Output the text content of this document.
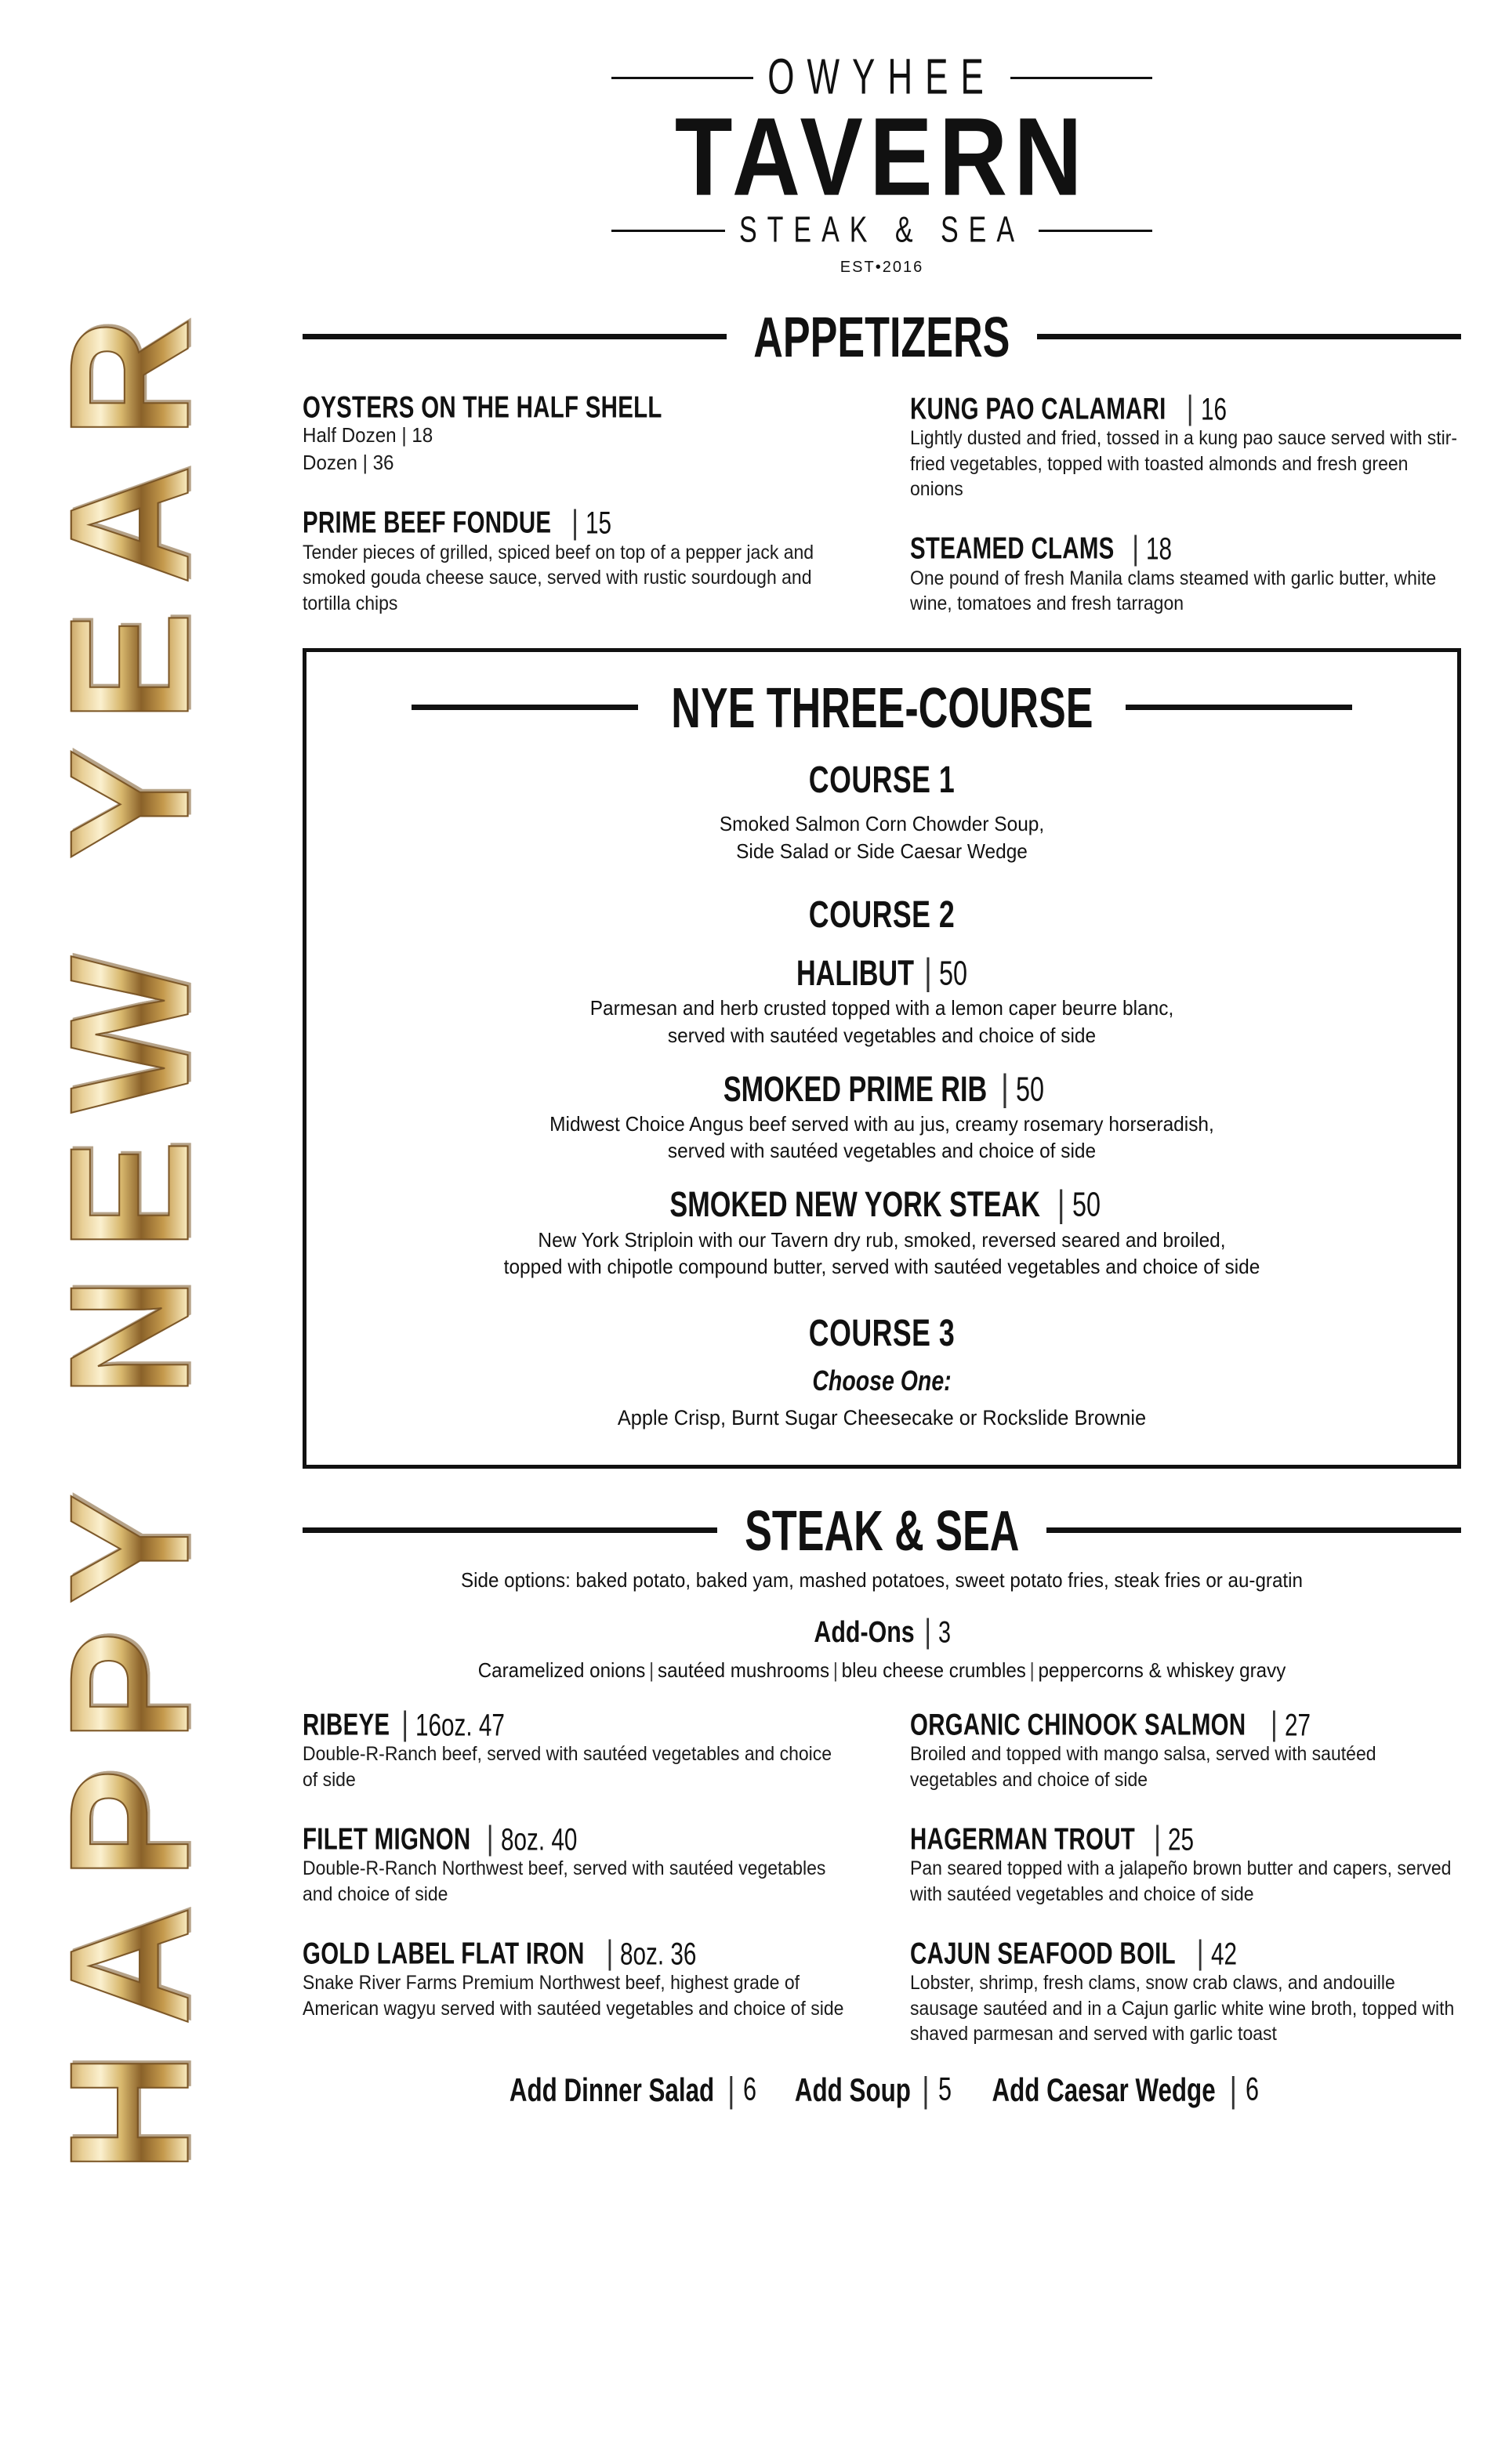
HAPPY NEW YEAR
OWYHEE
TAVERN
STEAK & SEA
EST•2016
APPETIZERS
OYSTERS ON THE HALF SHELL
Half Dozen | 18
Dozen | 36
PRIME BEEF FONDUE | 15
Tender pieces of grilled, spiced beef on top of a pepper jack and smoked gouda cheese sauce, served with rustic sourdough and tortilla chips
KUNG PAO CALAMARI | 16
Lightly dusted and fried, tossed in a kung pao sauce served with stir-fried vegetables, topped with toasted almonds and fresh green onions
STEAMED CLAMS | 18
One pound of fresh Manila clams steamed with garlic butter, white wine, tomatoes and fresh tarragon
NYE THREE-COURSE
COURSE 1
Smoked Salmon Corn Chowder Soup,
Side Salad or Side Caesar Wedge
COURSE 2
HALIBUT | 50
Parmesan and herb crusted topped with a lemon caper beurre blanc,
served with sautéed vegetables and choice of side
SMOKED PRIME RIB | 50
Midwest Choice Angus beef served with au jus, creamy rosemary horseradish,
served with sautéed vegetables and choice of side
SMOKED NEW YORK STEAK | 50
New York Striploin with our Tavern dry rub, smoked, reversed seared and broiled,
topped with chipotle compound butter, served with sautéed vegetables and choice of side
COURSE 3
Choose One:
Apple Crisp, Burnt Sugar Cheesecake or Rockslide Brownie
STEAK & SEA
Side options: baked potato, baked yam, mashed potatoes, sweet potato fries, steak fries or au-gratin
Add-Ons | 3
Caramelized onions | sautéed mushrooms | bleu cheese crumbles | peppercorns & whiskey gravy
RIBEYE | 16oz. 47
Double-R-Ranch beef, served with sautéed vegetables and choice of side
FILET MIGNON | 8oz. 40
Double-R-Ranch Northwest beef, served with sautéed vegetables and choice of side
GOLD LABEL FLAT IRON | 8oz. 36
Snake River Farms Premium Northwest beef, highest grade of American wagyu served with sautéed vegetables and choice of side
ORGANIC CHINOOK SALMON | 27
Broiled and topped with mango salsa, served with sautéed vegetables and choice of side
HAGERMAN TROUT | 25
Pan seared topped with a jalapeño brown butter and capers, served with sautéed vegetables and choice of side
CAJUN SEAFOOD BOIL | 42
Lobster, shrimp, fresh clams, snow crab claws, and andouille sausage sautéed and in a Cajun garlic white wine broth, topped with shaved parmesan and served with garlic toast
Add Dinner Salad | 6 Add Soup | 5 Add Caesar Wedge | 6
